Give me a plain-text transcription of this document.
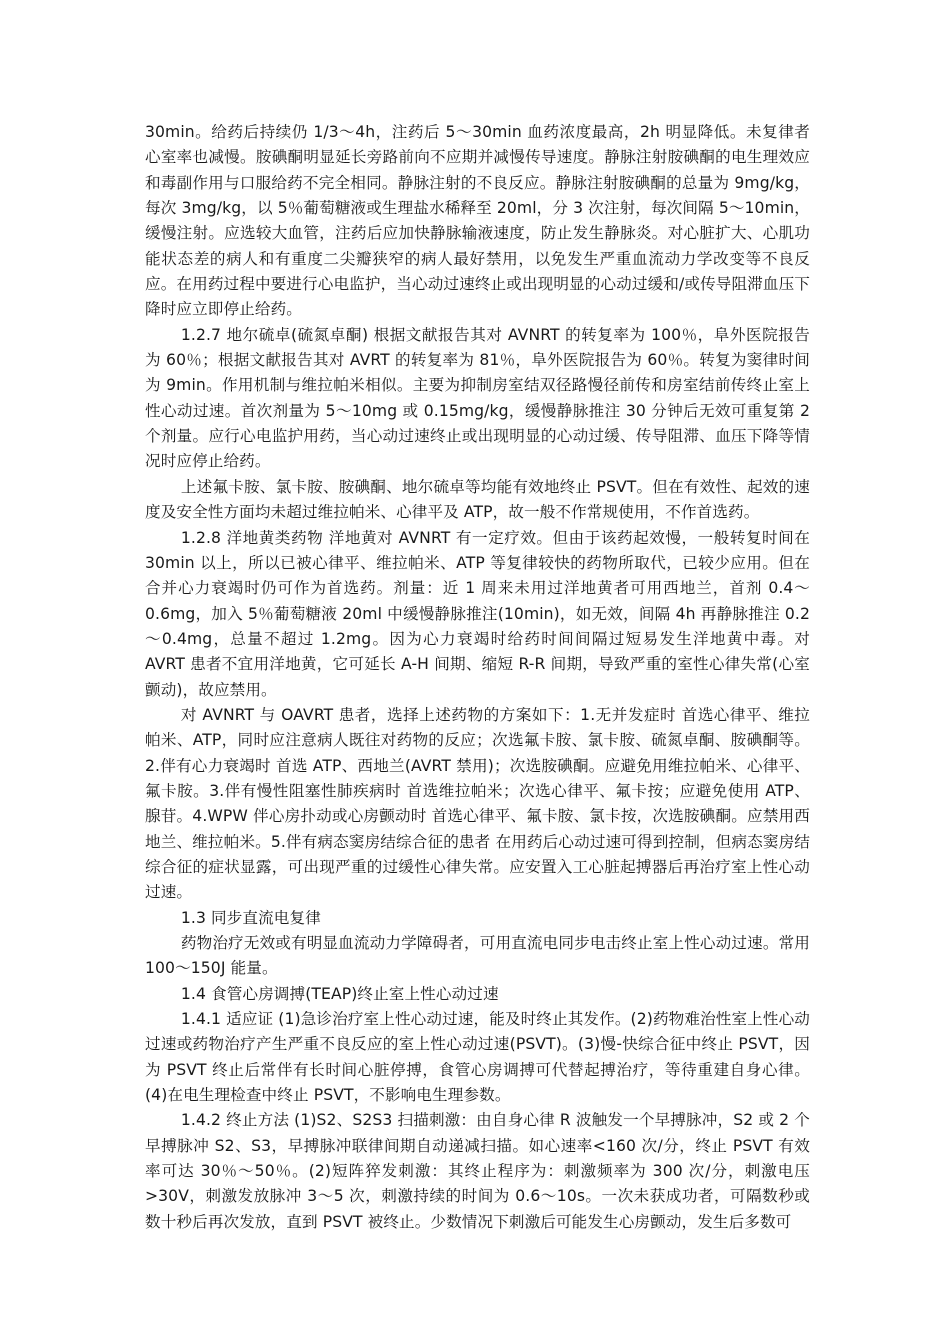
30min。给药后持续仍 1/3～4h，注药后 5～30min 血药浓度最高，2h 明显降低。未复律者心室率也减慢。胺碘酮明显延长旁路前向不应期并减慢传导速度。静脉注射胺碘酮的电生理效应和毒副作用与口服给药不完全相同。静脉注射的不良反应。静脉注射胺碘酮的总量为 9mg/kg，每次 3mg/kg，以 5％葡萄糖液或生理盐水稀释至 20ml，分 3 次注射，每次间隔 5～10min，缓慢注射。应选较大血管，注药后应加快静脉输液速度，防止发生静脉炎。对心脏扩大、心肌功能状态差的病人和有重度二尖瓣狭窄的病人最好禁用，以免发生严重血流动力学改变等不良反应。在用药过程中要进行心电监护，当心动过速终止或出现明显的心动过缓和/或传导阻滞血压下降时应立即停止给药。

1.2.7 地尔硫卓(硫氮卓酮) 根据文献报告其对 AVNRT 的转复率为 100％，阜外医院报告为 60％；根据文献报告其对 AVRT 的转复率为 81％，阜外医院报告为 60％。转复为窦律时间为 9min。作用机制与维拉帕米相似。主要为抑制房室结双径路慢径前传和房室结前传终止室上性心动过速。首次剂量为 5～10mg 或 0.15mg/kg，缓慢静脉推注 30 分钟后无效可重复第 2 个剂量。应行心电监护用药，当心动过速终止或出现明显的心动过缓、传导阻滞、血压下降等情况时应停止给药。

上述氟卡胺、氯卡胺、胺碘酮、地尔硫卓等均能有效地终止 PSVT。但在有效性、起效的速度及安全性方面均未超过维拉帕米、心律平及 ATP，故一般不作常规使用，不作首选药。

1.2.8 洋地黄类药物 洋地黄对 AVNRT 有一定疗效。但由于该药起效慢，一般转复时间在 30min 以上，所以已被心律平、维拉帕米、ATP 等复律较快的药物所取代，已较少应用。但在合并心力衰竭时仍可作为首选药。剂量：近 1 周来未用过洋地黄者可用西地兰，首剂 0.4～0.6mg，加入 5％葡萄糖液 20ml 中缓慢静脉推注(10min)，如无效，间隔 4h 再静脉推注 0.2～0.4mg，总量不超过 1.2mg。因为心力衰竭时给药时间间隔过短易发生洋地黄中毒。对 AVRT 患者不宜用洋地黄，它可延长 A-H 间期、缩短 R-R 间期，导致严重的室性心律失常(心室颤动)，故应禁用。

对 AVNRT 与 OAVRT 患者，选择上述药物的方案如下：1.无并发症时 首选心律平、维拉帕米、ATP，同时应注意病人既往对药物的反应；次选氟卡胺、氯卡胺、硫氮卓酮、胺碘酮等。2.伴有心力衰竭时 首选 ATP、西地兰(AVRT 禁用)；次选胺碘酮。应避免用维拉帕米、心律平、氟卡胺。3.伴有慢性阻塞性肺疾病时 首选维拉帕米；次选心律平、氟卡按；应避免使用 ATP、腺苷。4.WPW 伴心房扑动或心房颤动时 首选心律平、氟卡胺、氯卡按，次选胺碘酮。应禁用西地兰、维拉帕米。5.伴有病态窦房结综合征的患者 在用药后心动过速可得到控制，但病态窦房结综合征的症状显露，可出现严重的过缓性心律失常。应安置入工心脏起搏器后再治疗室上性心动过速。

1.3 同步直流电复律

药物治疗无效或有明显血流动力学障碍者，可用直流电同步电击终止室上性心动过速。常用 100～150J 能量。

1.4 食管心房调搏(TEAP)终止室上性心动过速

1.4.1 适应证 (1)急诊治疗室上性心动过速，能及时终止其发作。(2)药物难治性室上性心动过速或药物治疗产生严重不良反应的室上性心动过速(PSVT)。(3)慢-快综合征中终止 PSVT，因为 PSVT 终止后常伴有长时间心脏停搏，食管心房调搏可代替起搏治疗，等待重建自身心律。(4)在电生理检查中终止 PSVT，不影响电生理参数。

1.4.2 终止方法 (1)S2、S2S3 扫描刺激：由自身心律 R 波触发一个早搏脉冲，S2 或 2 个早搏脉冲 S2、S3，早搏脉冲联律间期自动递减扫描。如心速率<160 次/分，终止 PSVT 有效率可达 30％～50％。(2)短阵猝发刺激：其终止程序为：刺激频率为 300 次/分，刺激电压>30V，刺激发放脉冲 3～5 次，刺激持续的时间为 0.6～10s。一次未获成功者，可隔数秒或数十秒后再次发放，直到 PSVT 被终止。少数情况下刺激后可能发生心房颤动，发生后多数可
